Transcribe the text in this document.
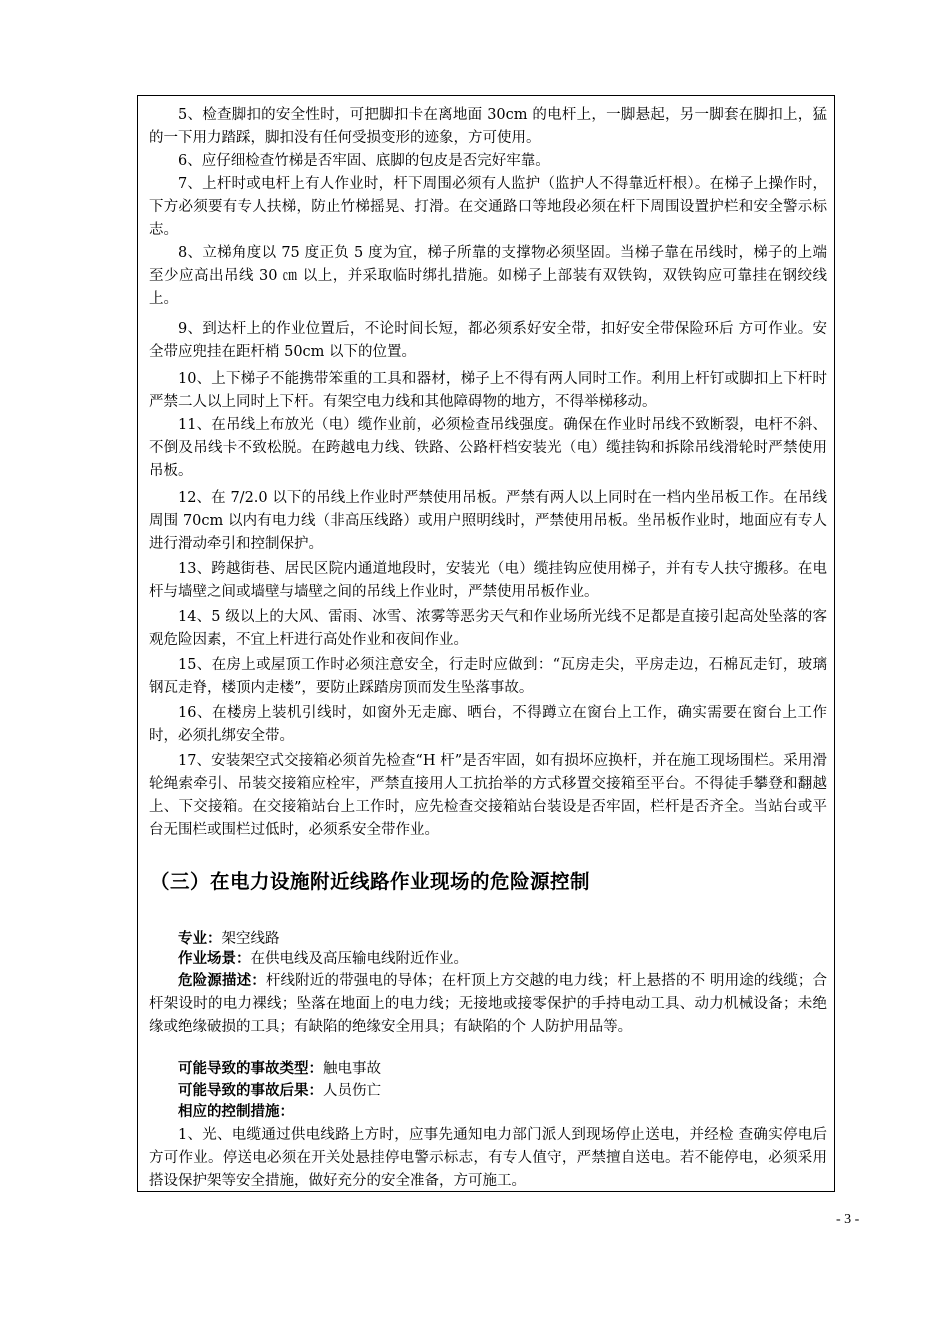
5、检查脚扣的安全性时，可把脚扣卡在离地面 30cm 的电杆上，一脚悬起，另一脚套在脚扣上，猛的一下用力踏踩，脚扣没有任何受损变形的迹象，方可使用。

6、应仔细检查竹梯是否牢固、底脚的包皮是否完好牢靠。

7、上杆时或电杆上有人作业时，杆下周围必须有人监护（监护人不得靠近杆根）。在梯子上操作时，下方必须要有专人扶梯，防止竹梯摇晃、打滑。在交通路口等地段必须在杆下周围设置护栏和安全警示标志。

8、立梯角度以 75 度正负 5 度为宜，梯子所靠的支撑物必须坚固。当梯子靠在吊线时，梯子的上端至少应高出吊线 30 ㎝ 以上，并采取临时绑扎措施。如梯子上部装有双铁钩，双铁钩应可靠挂在钢绞线上。

9、到达杆上的作业位置后，不论时间长短，都必须系好安全带，扣好安全带保险环后 方可作业。安全带应兜挂在距杆梢 50cm 以下的位置。

10、上下梯子不能携带笨重的工具和器材，梯子上不得有两人同时工作。利用上杆钉或脚扣上下杆时严禁二人以上同时上下杆。有架空电力线和其他障碍物的地方，不得举梯移动。

11、在吊线上布放光（电）缆作业前，必须检查吊线强度。确保在作业时吊线不致断裂，电杆不斜、不倒及吊线卡不致松脱。在跨越电力线、铁路、公路杆档安装光（电）缆挂钩和拆除吊线滑轮时严禁使用吊板。

12、在 7/2.0 以下的吊线上作业时严禁使用吊板。严禁有两人以上同时在一档内坐吊板工作。在吊线周围 70cm 以内有电力线（非高压线路）或用户照明线时，严禁使用吊板。坐吊板作业时，地面应有专人进行滑动牵引和控制保护。

13、跨越街巷、居民区院内通道地段时，安装光（电）缆挂钩应使用梯子，并有专人扶守搬移。在电杆与墙壁之间或墙壁与墙壁之间的吊线上作业时，严禁使用吊板作业。

14、5 级以上的大风、雷雨、冰雪、浓雾等恶劣天气和作业场所光线不足都是直接引起高处坠落的客观危险因素，不宜上杆进行高处作业和夜间作业。

15、在房上或屋顶工作时必须注意安全，行走时应做到：“瓦房走尖，平房走边，石棉瓦走钉，玻璃钢瓦走脊，楼顶内走楼”，要防止踩踏房顶而发生坠落事故。

16、在楼房上装机引线时，如窗外无走廊、晒台，不得蹲立在窗台上工作，确实需要在窗台上工作时，必须扎绑安全带。

17、安装架空式交接箱必须首先检查“H 杆”是否牢固，如有损坏应换杆，并在施工现场围栏。采用滑轮绳索牵引、吊装交接箱应栓牢，严禁直接用人工抗抬举的方式移置交接箱至平台。不得徒手攀登和翻越上、下交接箱。在交接箱站台上工作时，应先检查交接箱站台装设是否牢固，栏杆是否齐全。当站台或平台无围栏或围栏过低时，必须系安全带作业。

（三）在电力设施附近线路作业现场的危险源控制

专业：架空线路

作业场景：在供电线及高压输电线附近作业。

危险源描述：杆线附近的带强电的导体；在杆顶上方交越的电力线；杆上悬搭的不 明用途的线缆；合杆架设时的电力裸线；坠落在地面上的电力线；无接地或接零保护的手持电动工具、动力机械设备；未绝缘或绝缘破损的工具；有缺陷的绝缘安全用具；有缺陷的个 人防护用品等。

可能导致的事故类型：触电事故

可能导致的事故后果：人员伤亡

相应的控制措施：

1、光、电缆通过供电线路上方时，应事先通知电力部门派人到现场停止送电，并经检 查确实停电后方可作业。停送电必须在开关处悬挂停电警示标志，有专人值守，严禁擅自送电。若不能停电，必须采用搭设保护架等安全措施，做好充分的安全准备，方可施工。

- 3 -
